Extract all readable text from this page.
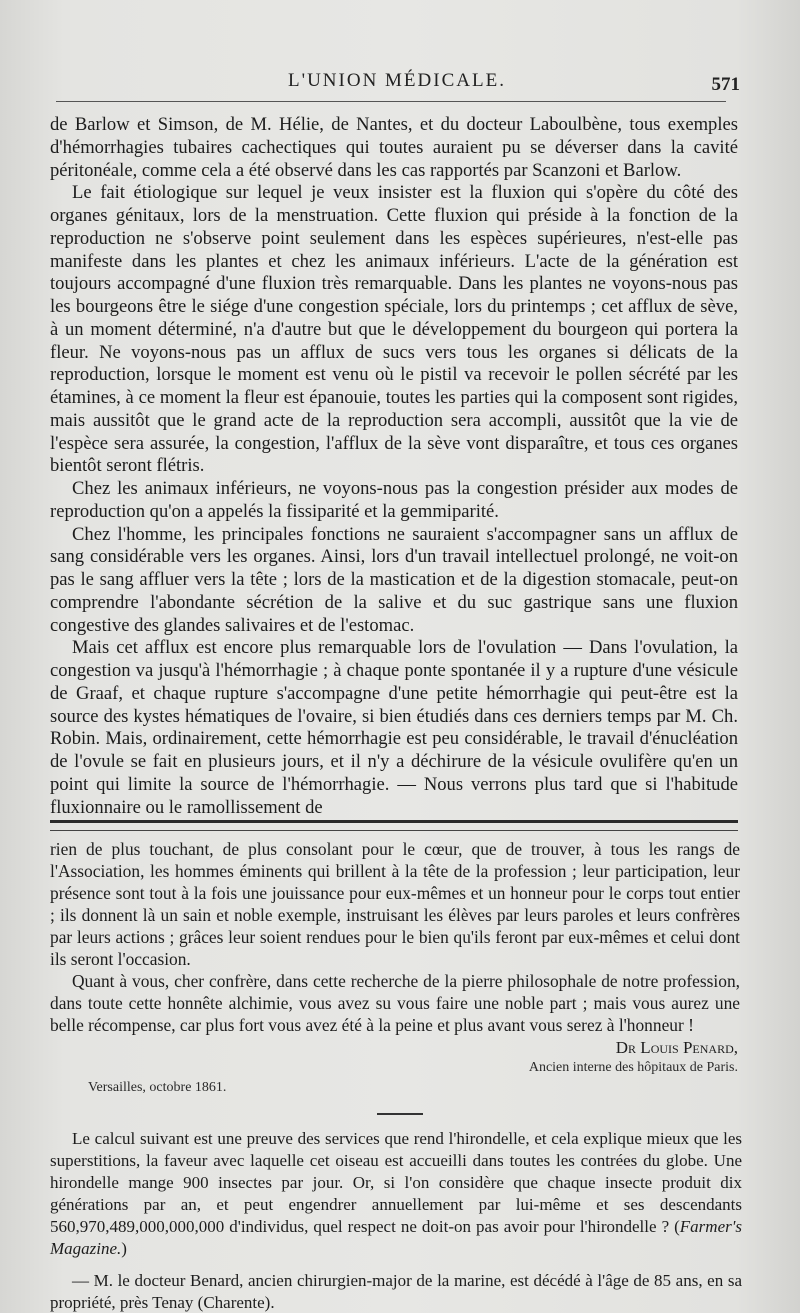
L'UNION MÉDICALE.	571

de Barlow et Simson, de M. Hélie, de Nantes, et du docteur Laboulbène, tous exemples d'hémorrhagies tubaires cachectiques qui toutes auraient pu se déverser dans la cavité péritonéale, comme cela a été observé dans les cas rapportés par Scanzoni et Barlow.

Le fait étiologique sur lequel je veux insister est la fluxion qui s'opère du côté des organes génitaux, lors de la menstruation. Cette fluxion qui préside à la fonction de la reproduction ne s'observe point seulement dans les espèces supérieures, n'est-elle pas manifeste dans les plantes et chez les animaux inférieurs. L'acte de la génération est toujours accompagné d'une fluxion très remarquable. Dans les plantes ne voyons-nous pas les bourgeons être le siége d'une congestion spéciale, lors du printemps ; cet afflux de sève, à un moment déterminé, n'a d'autre but que le développement du bourgeon qui portera la fleur. Ne voyons-nous pas un afflux de sucs vers tous les organes si délicats de la reproduction, lorsque le moment est venu où le pistil va recevoir le pollen sécrété par les étamines, à ce moment la fleur est épanouie, toutes les parties qui la composent sont rigides, mais aussitôt que le grand acte de la reproduction sera accompli, aussitôt que la vie de l'espèce sera assurée, la congestion, l'afflux de la sève vont disparaître, et tous ces organes bientôt seront flétris.

Chez les animaux inférieurs, ne voyons-nous pas la congestion présider aux modes de reproduction qu'on a appelés la fissiparité et la gemmiparité.

Chez l'homme, les principales fonctions ne sauraient s'accompagner sans un afflux de sang considérable vers les organes. Ainsi, lors d'un travail intellectuel prolongé, ne voit-on pas le sang affluer vers la tête ; lors de la mastication et de la digestion stomacale, peut-on comprendre l'abondante sécrétion de la salive et du suc gastrique sans une fluxion congestive des glandes salivaires et de l'estomac.

Mais cet afflux est encore plus remarquable lors de l'ovulation — Dans l'ovulation, la congestion va jusqu'à l'hémorrhagie ; à chaque ponte spontanée il y a rupture d'une vésicule de Graaf, et chaque rupture s'accompagne d'une petite hémorrhagie qui peut-être est la source des kystes hématiques de l'ovaire, si bien étudiés dans ces derniers temps par M. Ch. Robin. Mais, ordinairement, cette hémorrhagie est peu considérable, le travail d'énucléation de l'ovule se fait en plusieurs jours, et il n'y a déchirure de la vésicule ovulifère qu'en un point qui limite la source de l'hémorrhagie. — Nous verrons plus tard que si l'habitude fluxionnaire ou le ramollissement de

rien de plus touchant, de plus consolant pour le cœur, que de trouver, à tous les rangs de l'Association, les hommes éminents qui brillent à la tête de la profession ; leur participation, leur présence sont tout à la fois une jouissance pour eux-mêmes et un honneur pour le corps tout entier ; ils donnent là un sain et noble exemple, instruisant les élèves par leurs paroles et leurs confrères par leurs actions ; grâces leur soient rendues pour le bien qu'ils feront par eux-mêmes et celui dont ils seront l'occasion.

Quant à vous, cher confrère, dans cette recherche de la pierre philosophale de notre profession, dans toute cette honnête alchimie, vous avez su vous faire une noble part ; mais vous aurez une belle récompense, car plus fort vous avez été à la peine et plus avant vous serez à l'honneur !

Dr Louis Penard,
Ancien interne des hôpitaux de Paris.
Versailles, octobre 1861.

Le calcul suivant est une preuve des services que rend l'hirondelle, et cela explique mieux que les superstitions, la faveur avec laquelle cet oiseau est accueilli dans toutes les contrées du globe. Une hirondelle mange 900 insectes par jour. Or, si l'on considère que chaque insecte produit dix générations par an, et peut engendrer annuellement par lui-même et ses descendants 560,970,489,000,000,000 d'individus, quel respect ne doit-on pas avoir pour l'hirondelle ? (Farmer's Magazine.)

— M. le docteur Benard, ancien chirurgien-major de la marine, est décédé à l'âge de 85 ans, en sa propriété, près Tenay (Charente).
